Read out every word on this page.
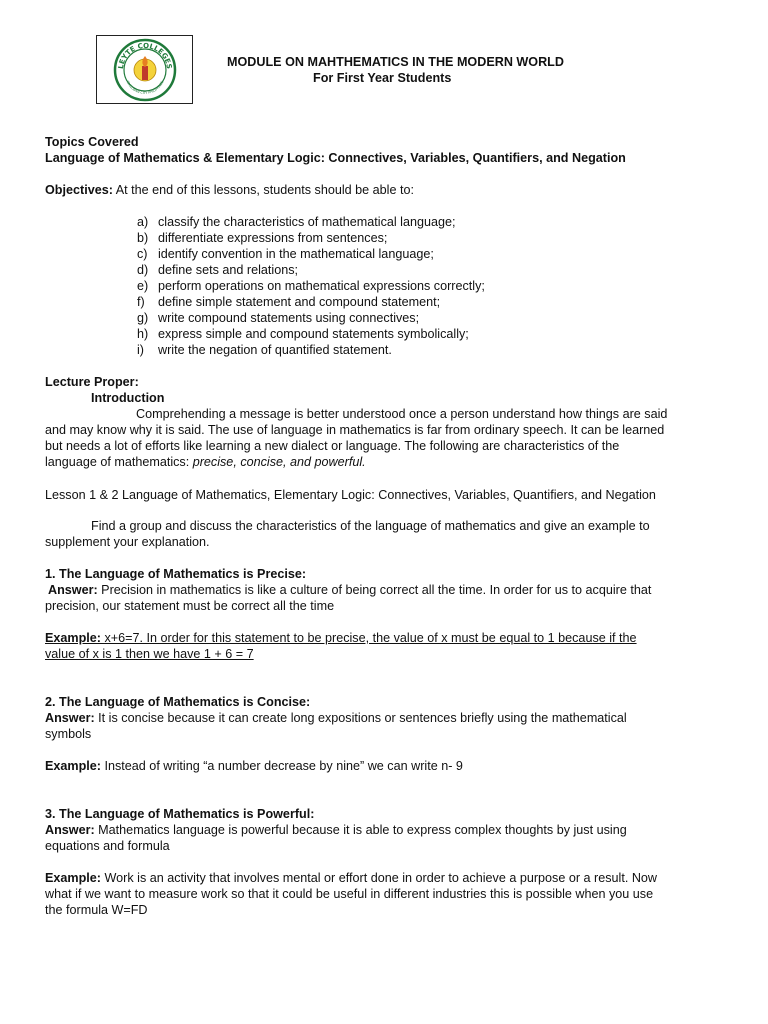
LEYTE COLLEGES
TACLOBAN CITY PHILIPPINES
MODULE ON MAHTHEMATICS IN THE MODERN WORLD
For First Year Students
Topics Covered
Language of Mathematics & Elementary Logic: Connectives, Variables, Quantifiers, and Negation
Objectives: At the end of this lessons, students should be able to:
a) classify the characteristics of mathematical language;
b) differentiate expressions from sentences;
c) identify convention in the mathematical language;
d) define sets and relations;
e) perform operations on mathematical expressions correctly;
f) define simple statement and compound statement;
g) write compound statements using connectives;
h) express simple and compound statements symbolically;
i) write the negation of quantified statement.
Lecture Proper:
Introduction
Comprehending a message is better understood once a person understand how things are said
and may know why it is said. The use of language in mathematics is far from ordinary speech. It can be learned
but needs a lot of efforts like learning a new dialect or language. The following are characteristics of the
language of mathematics: precise, concise, and powerful.
Lesson 1 & 2 Language of Mathematics, Elementary Logic: Connectives, Variables, Quantifiers, and Negation
Find a group and discuss the characteristics of the language of mathematics and give an example to
supplement your explanation.
1. The Language of Mathematics is Precise:
Answer: Precision in mathematics is like a culture of being correct all the time. In order for us to acquire that
precision, our statement must be correct all the time
Example: x+6=7. In order for this statement to be precise, the value of x must be equal to 1 because if the
value of x is 1 then we have 1 + 6 = 7
2. The Language of Mathematics is Concise:
Answer: It is concise because it can create long expositions or sentences briefly using the mathematical
symbols
Example: Instead of writing “a number decrease by nine” we can write n- 9
3. The Language of Mathematics is Powerful:
Answer: Mathematics language is powerful because it is able to express complex thoughts by just using
equations and formula
Example: Work is an activity that involves mental or effort done in order to achieve a purpose or a result. Now
what if we want to measure work so that it could be useful in different industries this is possible when you use
the formula W=FD
